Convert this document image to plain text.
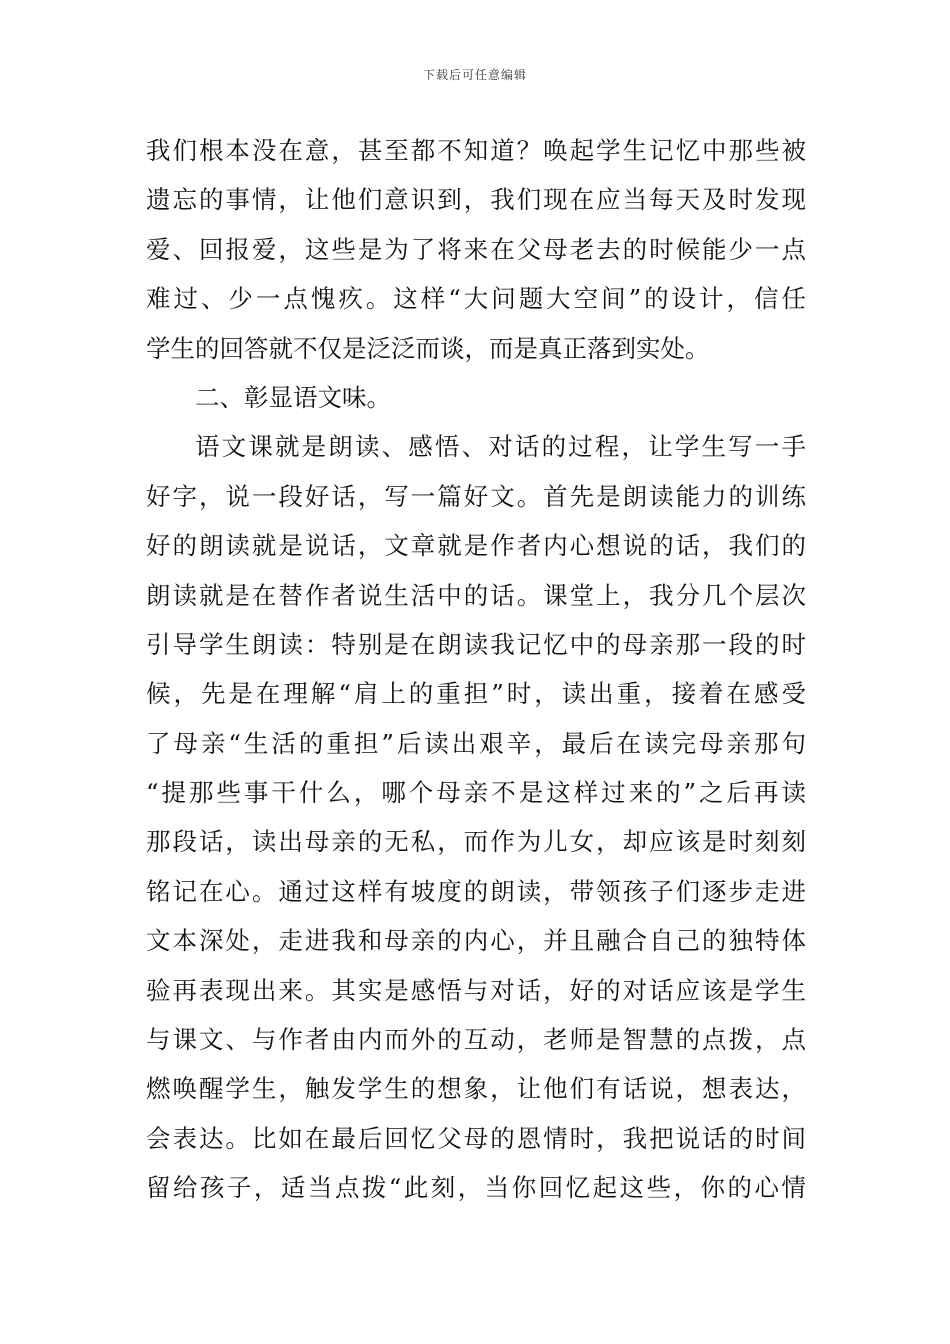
下载后可任意编辑
我们根本没在意，甚至都不知道？唤起学生记忆中那些被
遗忘的事情，让他们意识到，我们现在应当每天及时发现
爱、回报爱，这些是为了将来在父母老去的时候能少一点
难过、少一点愧疚。这样“大问题大空间”的设计，信任
学生的回答就不仅是泛泛而谈，而是真正落到实处。
二、彰显语文味。
语文课就是朗读、感悟、对话的过程，让学生写一手
好字，说一段好话，写一篇好文。首先是朗读能力的训练
好的朗读就是说话，文章就是作者内心想说的话，我们的
朗读就是在替作者说生活中的话。课堂上，我分几个层次
引导学生朗读：特别是在朗读我记忆中的母亲那一段的时
候，先是在理解“肩上的重担”时，读出重，接着在感受
了母亲“生活的重担”后读出艰辛，最后在读完母亲那句
“提那些事干什么，哪个母亲不是这样过来的”之后再读
那段话，读出母亲的无私，而作为儿女，却应该是时刻刻
铭记在心。通过这样有坡度的朗读，带领孩子们逐步走进
文本深处，走进我和母亲的内心，并且融合自己的独特体
验再表现出来。其实是感悟与对话，好的对话应该是学生
与课文、与作者由内而外的互动，老师是智慧的点拨，点
燃唤醒学生，触发学生的想象，让他们有话说，想表达，
会表达。比如在最后回忆父母的恩情时，我把说话的时间
留给孩子，适当点拨“此刻，当你回忆起这些，你的心情
